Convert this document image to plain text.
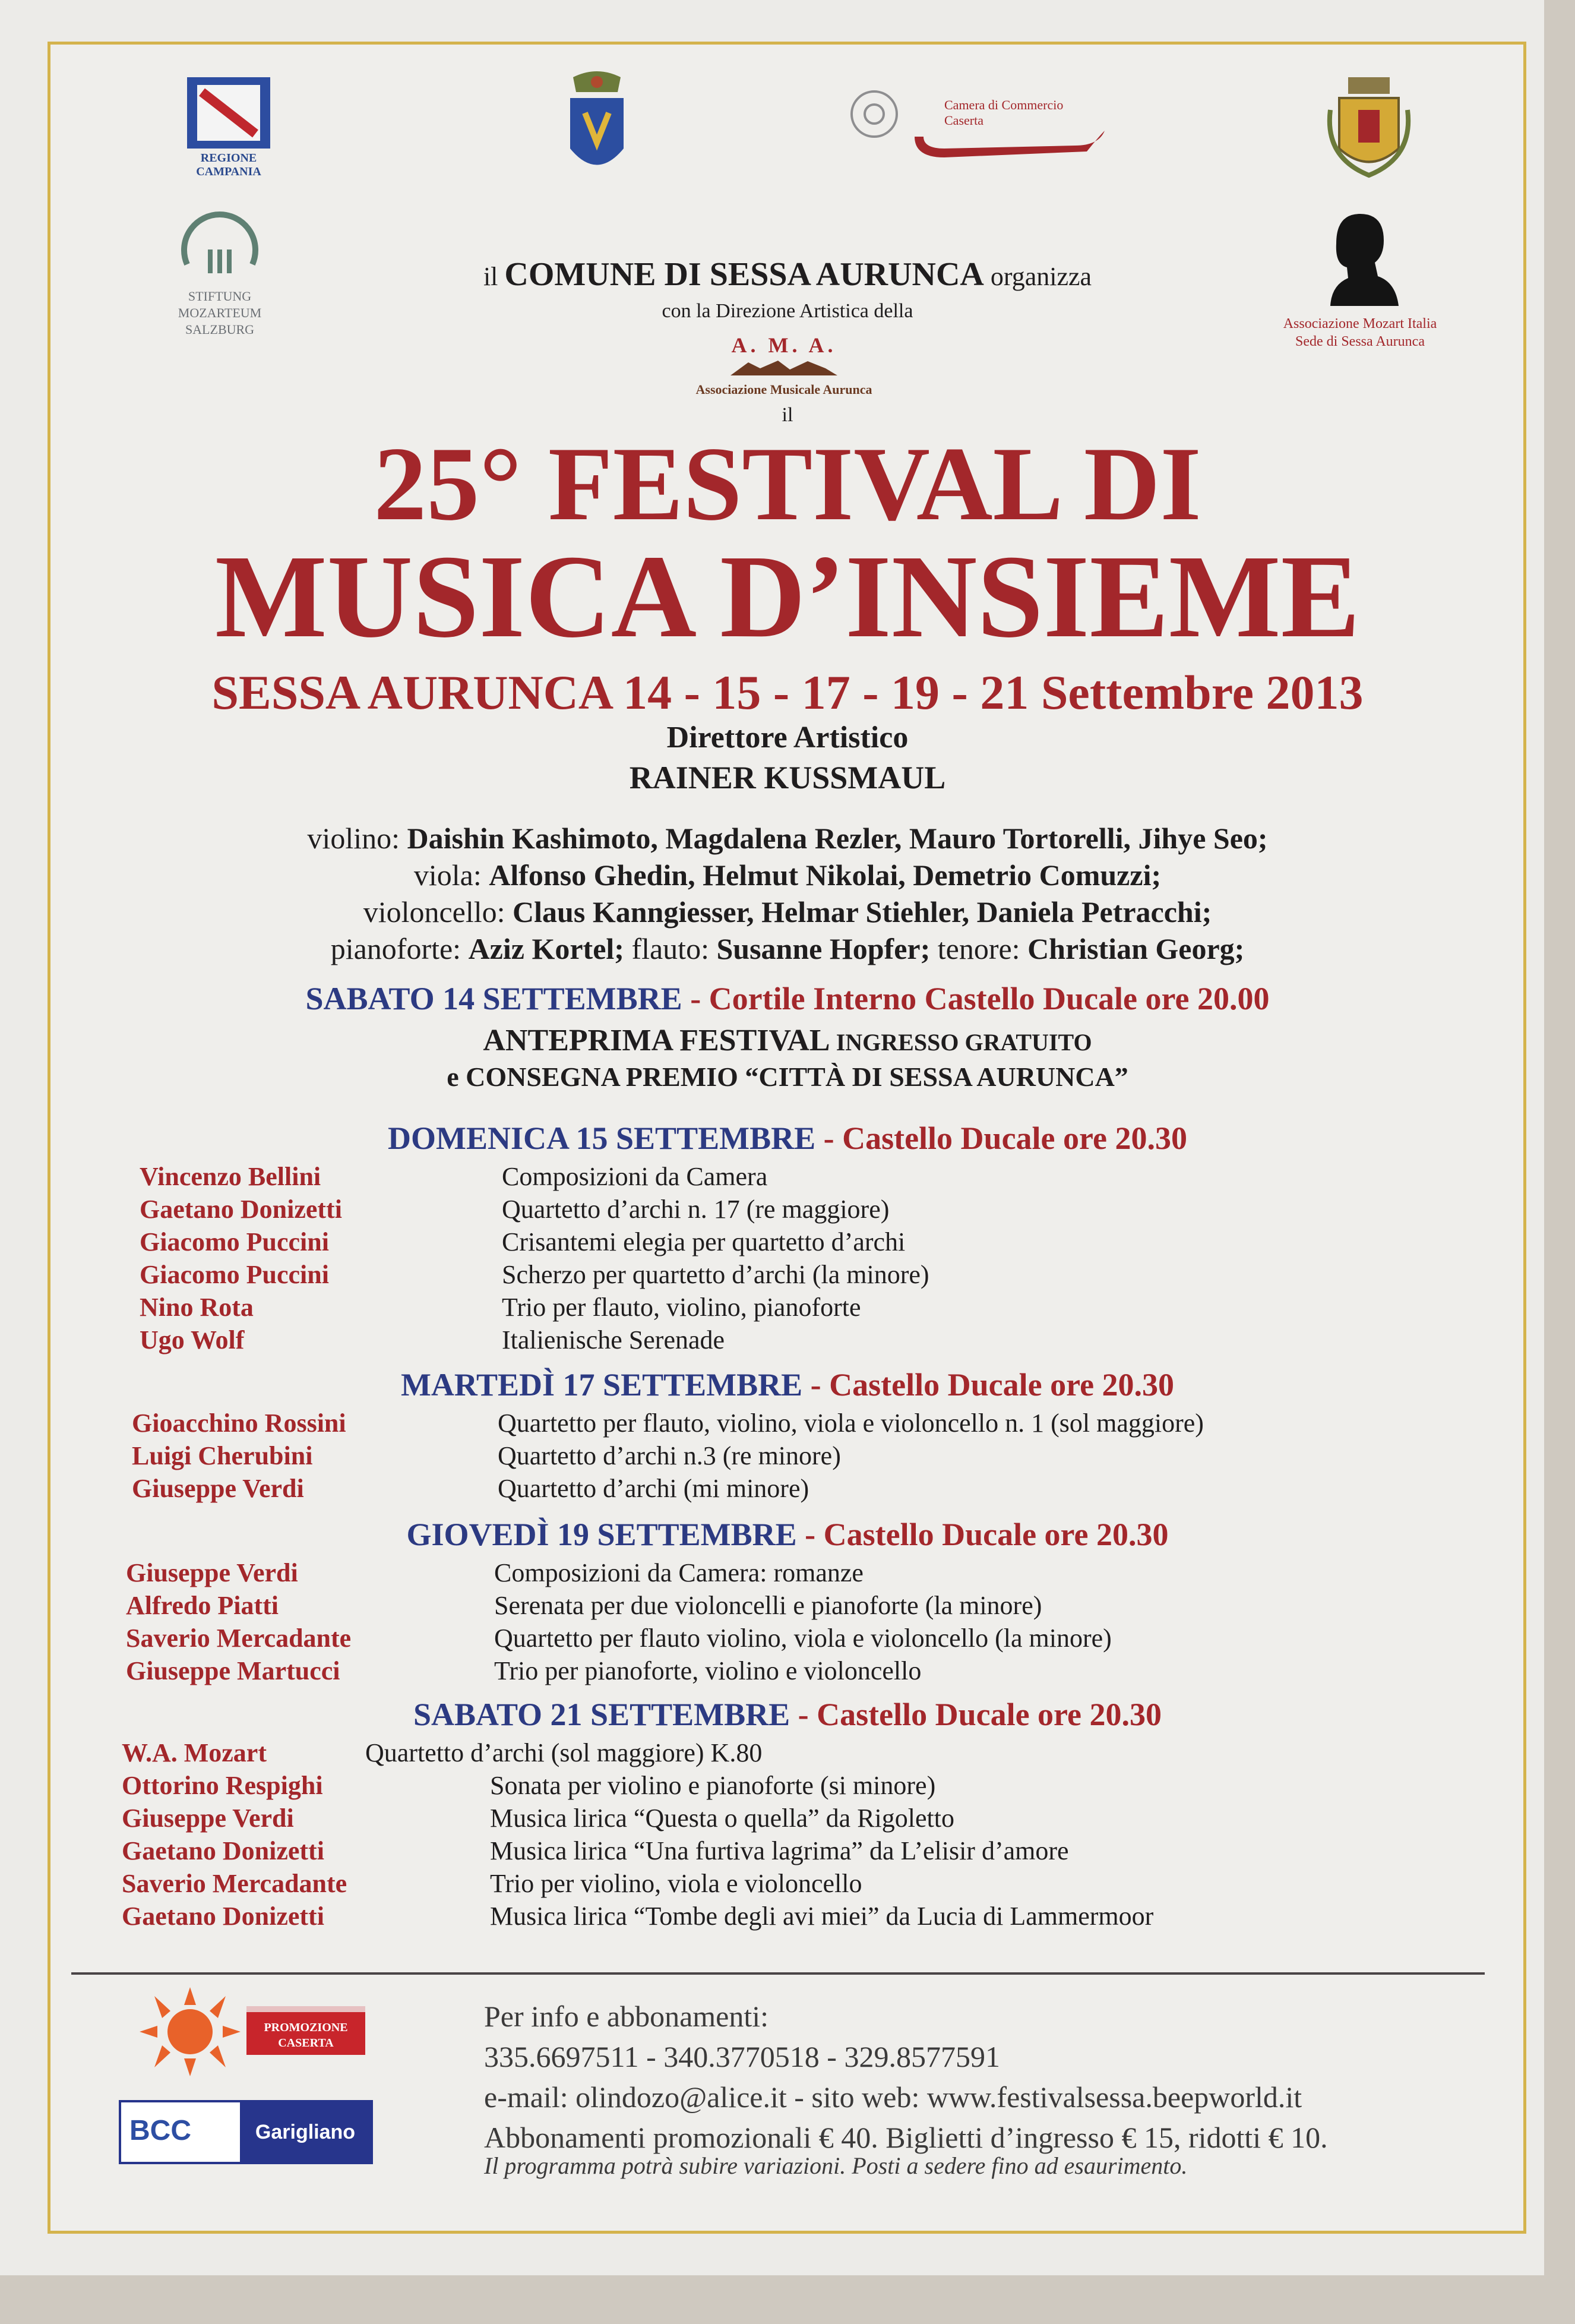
REGIONE CAMPANIA
Camera di Commercio
Caserta
STIFTUNG
MOZARTEUM
SALZBURG	Associazione Mozart Italia
Sede di Sessa Aurunca
il COMUNE DI SESSA AURUNCA organizza
con la Direzione Artistica della
A. M. A.
Associazione Musicale Aurunca
il
25° FESTIVAL DI
MUSICA D’INSIEME
SESSA AURUNCA 14 - 15 - 17 - 19 - 21 Settembre 2013
Direttore Artistico
RAINER KUSSMAUL
violino: Daishin Kashimoto, Magdalena Rezler, Mauro Tortorelli, Jihye Seo;
viola: Alfonso Ghedin, Helmut Nikolai, Demetrio Comuzzi;
violoncello: Claus Kanngiesser, Helmar Stiehler, Daniela Petracchi;
pianoforte: Aziz Kortel; flauto: Susanne Hopfer; tenore: Christian Georg;
SABATO 14 SETTEMBRE - Cortile Interno Castello Ducale ore 20.00
ANTEPRIMA FESTIVAL INGRESSO GRATUITO
e CONSEGNA PREMIO “CITTÀ DI SESSA AURUNCA”
DOMENICA 15 SETTEMBRE - Castello Ducale ore 20.30
Vincenzo Bellini	Composizioni da Camera
Gaetano Donizetti	Quartetto d’archi n. 17 (re maggiore)
Giacomo Puccini	Crisantemi elegia per quartetto d’archi
Giacomo Puccini	Scherzo per quartetto d’archi (la minore)
Nino Rota	Trio per flauto, violino, pianoforte
Ugo Wolf	Italienische Serenade
MARTEDÌ 17 SETTEMBRE - Castello Ducale ore 20.30
Gioacchino Rossini	Quartetto per flauto, violino, viola e violoncello n. 1 (sol maggiore)
Luigi Cherubini	Quartetto d’archi n.3 (re minore)
Giuseppe Verdi	Quartetto d’archi (mi minore)
GIOVEDÌ 19 SETTEMBRE - Castello Ducale ore 20.30
Giuseppe Verdi	Composizioni da Camera: romanze
Alfredo Piatti	Serenata per due violoncelli e pianoforte (la minore)
Saverio Mercadante	Quartetto per flauto violino, viola e violoncello (la minore)
Giuseppe Martucci	Trio per pianoforte, violino e violoncello
SABATO 21 SETTEMBRE - Castello Ducale ore 20.30
W.A. Mozart	Quartetto d’archi (sol maggiore) K.80
Ottorino Respighi	Sonata per violino e pianoforte (si minore)
Giuseppe Verdi	Musica lirica “Questa o quella” da Rigoletto
Gaetano Donizetti	Musica lirica “Una furtiva lagrima” da L’elisir d’amore
Saverio Mercadante	Trio per violino, viola e violoncello
Gaetano Donizetti	Musica lirica “Tombe degli avi miei” da Lucia di Lammermoor
PROMOZIONE
CASERTA
BCC	Garigliano
Per info e abbonamenti:
335.6697511 - 340.3770518 - 329.8577591
e-mail: olindozo@alice.it - sito web: www.festivalsessa.beepworld.it
Abbonamenti promozionali € 40. Biglietti d’ingresso € 15, ridotti € 10.
Il programma potrà subire variazioni. Posti a sedere fino ad esaurimento.
